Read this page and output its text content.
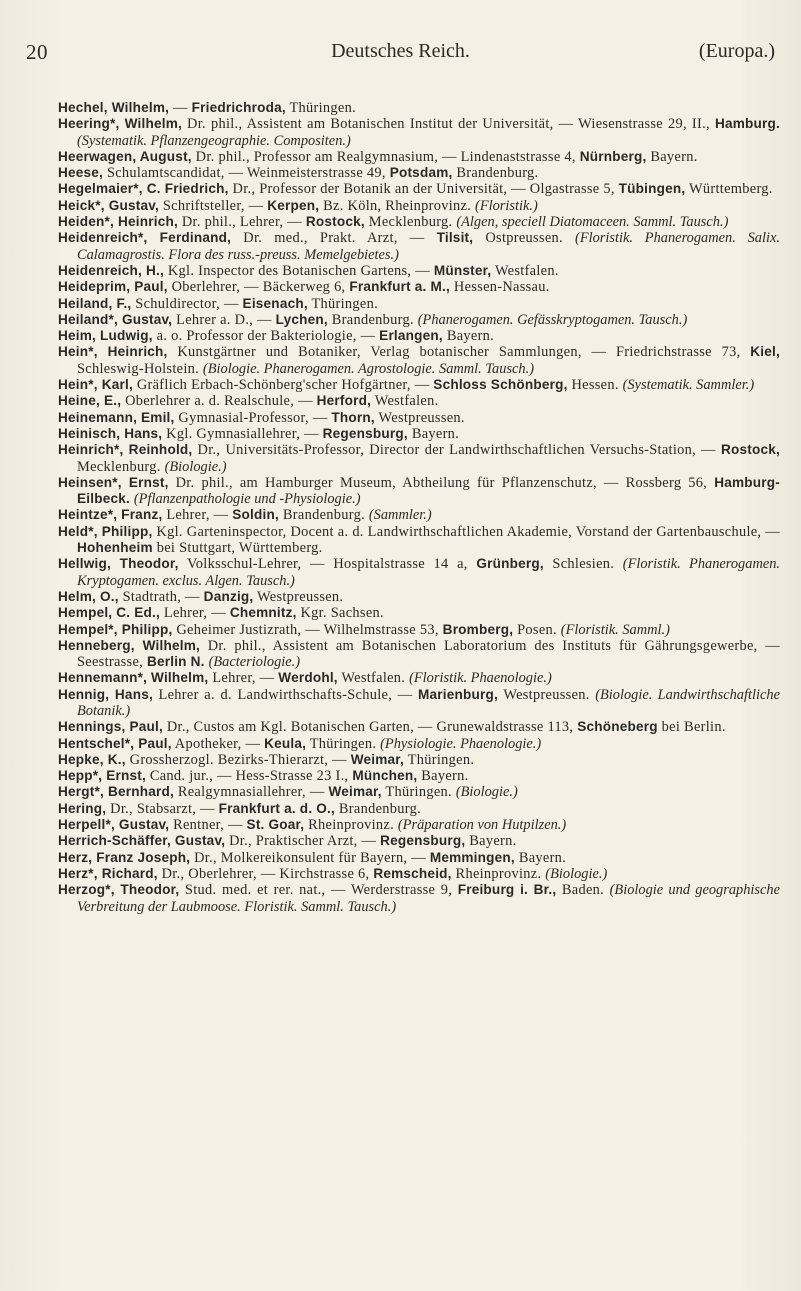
20	Deutsches Reich.	(Europa.)

Hechel, Wilhelm, — Friedrichroda, Thüringen.

Heering*, Wilhelm, Dr. phil., Assistent am Botanischen Institut der Universität, — Wiesenstrasse 29, II., Hamburg. (Systematik. Pflanzengeographie. Compositen.)

Heerwagen, August, Dr. phil., Professor am Realgymnasium, — Lindenaststrasse 4, Nürnberg, Bayern.

Heese, Schulamtscandidat, — Weinmeisterstrasse 49, Potsdam, Brandenburg.

Hegelmaier*, C. Friedrich, Dr., Professor der Botanik an der Universität, — Olgastrasse 5, Tübingen, Württemberg.

Heick*, Gustav, Schriftsteller, — Kerpen, Bz. Köln, Rheinprovinz. (Floristik.)

Heiden*, Heinrich, Dr. phil., Lehrer, — Rostock, Mecklenburg. (Algen, speciell Diatomaceen. Samml. Tausch.)

Heidenreich*, Ferdinand, Dr. med., Prakt. Arzt, — Tilsit, Ostpreussen. (Floristik. Phanerogamen. Salix. Calamagrostis. Flora des russ.-preuss. Memelgebietes.)

Heidenreich, H., Kgl. Inspector des Botanischen Gartens, — Münster, Westfalen.

Heideprim, Paul, Oberlehrer, — Bäckerweg 6, Frankfurt a. M., Hessen-Nassau.

Heiland, F., Schuldirector, — Eisenach, Thüringen.

Heiland*, Gustav, Lehrer a. D., — Lychen, Brandenburg. (Phanerogamen. Gefässkryptogamen. Tausch.)

Heim, Ludwig, a. o. Professor der Bakteriologie, — Erlangen, Bayern.

Hein*, Heinrich, Kunstgärtner und Botaniker, Verlag botanischer Sammlungen, — Friedrichstrasse 73, Kiel, Schleswig-Holstein. (Biologie. Phanerogamen. Agrostologie. Samml. Tausch.)

Hein*, Karl, Gräflich Erbach-Schönberg'scher Hofgärtner, — Schloss Schönberg, Hessen. (Systematik. Sammler.)

Heine, E., Oberlehrer a. d. Realschule, — Herford, Westfalen.

Heinemann, Emil, Gymnasial-Professor, — Thorn, Westpreussen.

Heinisch, Hans, Kgl. Gymnasiallehrer, — Regensburg, Bayern.

Heinrich*, Reinhold, Dr., Universitäts-Professor, Director der Landwirthschaftlichen Versuchs-Station, — Rostock, Mecklenburg. (Biologie.)

Heinsen*, Ernst, Dr. phil., am Hamburger Museum, Abtheilung für Pflanzenschutz, — Rossberg 56, Hamburg-Eilbeck. (Pflanzenpathologie und -Physiologie.)

Heintze*, Franz, Lehrer, — Soldin, Brandenburg. (Sammler.)

Held*, Philipp, Kgl. Garteninspector, Docent a. d. Landwirthschaftlichen Akademie, Vorstand der Gartenbauschule, — Hohenheim bei Stuttgart, Württemberg.

Hellwig, Theodor, Volksschul-Lehrer, — Hospitalstrasse 14 a, Grünberg, Schlesien. (Floristik. Phanerogamen. Kryptogamen. exclus. Algen. Tausch.)

Helm, O., Stadtrath, — Danzig, Westpreussen.

Hempel, C. Ed., Lehrer, — Chemnitz, Kgr. Sachsen.

Hempel*, Philipp, Geheimer Justizrath, — Wilhelmstrasse 53, Bromberg, Posen. (Floristik. Samml.)

Henneberg, Wilhelm, Dr. phil., Assistent am Botanischen Laboratorium des Instituts für Gährungsgewerbe, — Seestrasse, Berlin N. (Bacteriologie.)

Hennemann*, Wilhelm, Lehrer, — Werdohl, Westfalen. (Floristik. Phaenologie.)

Hennig, Hans, Lehrer a. d. Landwirthschafts-Schule, — Marienburg, Westpreussen. (Biologie. Landwirthschaftliche Botanik.)

Hennings, Paul, Dr., Custos am Kgl. Botanischen Garten, — Grunewaldstrasse 113, Schöneberg bei Berlin.

Hentschel*, Paul, Apotheker, — Keula, Thüringen. (Physiologie. Phaenologie.)

Hepke, K., Grossherzogl. Bezirks-Thierarzt, — Weimar, Thüringen.

Hepp*, Ernst, Cand. jur., — Hess-Strasse 23 I., München, Bayern.

Hergt*, Bernhard, Realgymnasiallehrer, — Weimar, Thüringen. (Biologie.)

Hering, Dr., Stabsarzt, — Frankfurt a. d. O., Brandenburg.

Herpell*, Gustav, Rentner, — St. Goar, Rheinprovinz. (Präparation von Hutpilzen.)

Herrich-Schäffer, Gustav, Dr., Praktischer Arzt, — Regensburg, Bayern.

Herz, Franz Joseph, Dr., Molkereikonsulent für Bayern, — Memmingen, Bayern.

Herz*, Richard, Dr., Oberlehrer, — Kirchstrasse 6, Remscheid, Rheinprovinz. (Biologie.)

Herzog*, Theodor, Stud. med. et rer. nat., — Werderstrasse 9, Freiburg i. Br., Baden. (Biologie und geographische Verbreitung der Laubmoose. Floristik. Samml. Tausch.)
